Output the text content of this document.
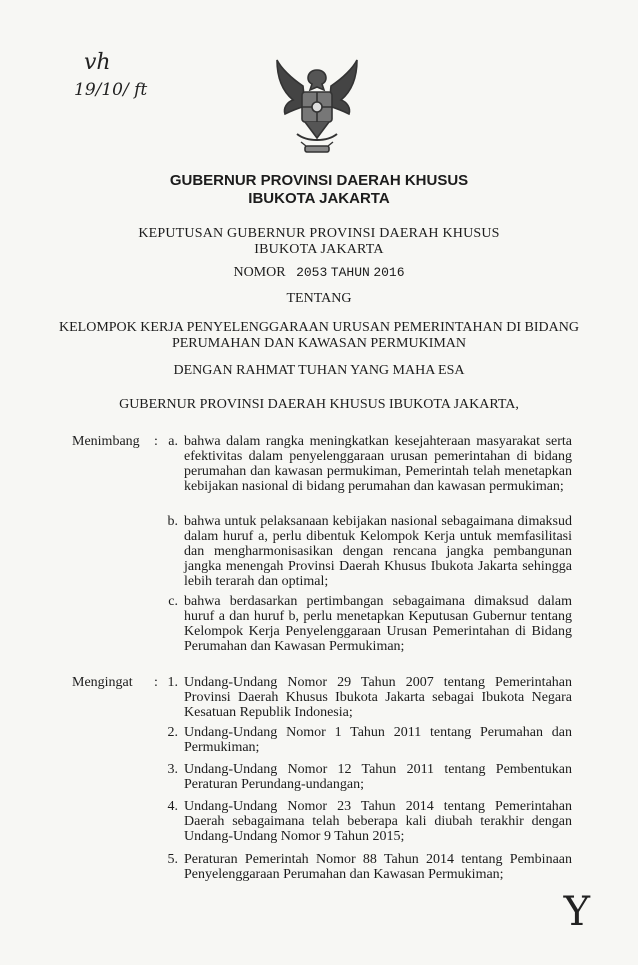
vh
19/10/ ft
GUBERNUR PROVINSI DAERAH KHUSUS
IBUKOTA JAKARTA
KEPUTUSAN GUBERNUR PROVINSI DAERAH KHUSUS
IBUKOTA JAKARTA
NOMOR 2053 TAHUN 2016
TENTANG
KELOMPOK KERJA PENYELENGGARAAN URUSAN PEMERINTAHAN DI BIDANG
PERUMAHAN DAN KAWASAN PERMUKIMAN
DENGAN RAHMAT TUHAN YANG MAHA ESA
GUBERNUR PROVINSI DAERAH KHUSUS IBUKOTA JAKARTA,
Menimbang : a. bahwa dalam rangka meningkatkan kesejahteraan masyarakat serta efektivitas dalam penyelenggaraan urusan pemerintahan di bidang perumahan dan kawasan permukiman, Pemerintah telah menetapkan kebijakan nasional di bidang perumahan dan kawasan permukiman;
b. bahwa untuk pelaksanaan kebijakan nasional sebagaimana dimaksud dalam huruf a, perlu dibentuk Kelompok Kerja untuk memfasilitasi dan mengharmonisasikan dengan rencana jangka pembangunan jangka menengah Provinsi Daerah Khusus Ibukota Jakarta sehingga lebih terarah dan optimal;
c. bahwa berdasarkan pertimbangan sebagaimana dimaksud dalam huruf a dan huruf b, perlu menetapkan Keputusan Gubernur tentang Kelompok Kerja Penyelenggaraan Urusan Pemerintahan di Bidang Perumahan dan Kawasan Permukiman;
Mengingat : 1. Undang-Undang Nomor 29 Tahun 2007 tentang Pemerintahan Provinsi Daerah Khusus Ibukota Jakarta sebagai Ibukota Negara Kesatuan Republik Indonesia;
2. Undang-Undang Nomor 1 Tahun 2011 tentang Perumahan dan Permukiman;
3. Undang-Undang Nomor 12 Tahun 2011 tentang Pembentukan Peraturan Perundang-undangan;
4. Undang-Undang Nomor 23 Tahun 2014 tentang Pemerintahan Daerah sebagaimana telah beberapa kali diubah terakhir dengan Undang-Undang Nomor 9 Tahun 2015;
5. Peraturan Pemerintah Nomor 88 Tahun 2014 tentang Pembinaan Penyelenggaraan Perumahan dan Kawasan Permukiman;
Y
